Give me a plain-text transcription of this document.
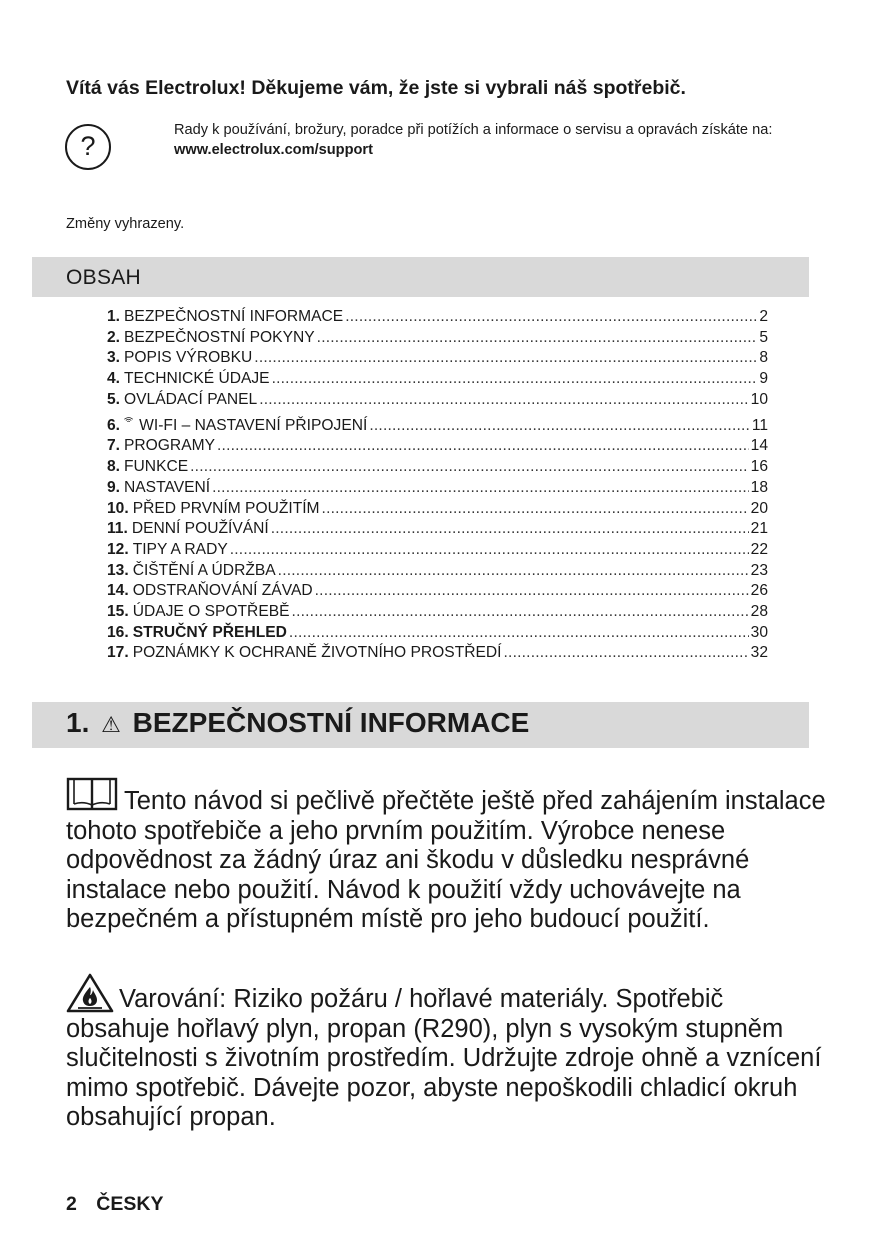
Vítá vás Electrolux! Děkujeme vám, že jste si vybrali náš spotřebič.
?
Rady k používání, brožury, poradce při potížích a informace o servisu a opravách získáte na:
www.electrolux.com/support
Změny vyhrazeny.
OBSAH
1. BEZPEČNOSTNÍ INFORMACE .....	2
2. BEZPEČNOSTNÍ POKYNY .....	5
3. POPIS VÝROBKU .....	8
4. TECHNICKÉ ÚDAJE .....	9
5. OVLÁDACÍ PANEL .....	10
6. WI-FI – NASTAVENÍ PŘIPOJENÍ .....	11
7. PROGRAMY .....	14
8. FUNKCE .....	16
9. NASTAVENÍ .....	18
10. PŘED PRVNÍM POUŽITÍM .....	20
11. DENNÍ POUŽÍVÁNÍ .....	21
12. TIPY A RADY .....	22
13. ČIŠTĚNÍ A ÚDRŽBA .....	23
14. ODSTRAŇOVÁNÍ ZÁVAD .....	26
15. ÚDAJE O SPOTŘEBĚ .....	28
16. STRUČNÝ PŘEHLED .....	30
17. POZNÁMKY K OCHRANĚ ŽIVOTNÍHO PROSTŘEDÍ .....	32
1. ⚠ BEZPEČNOSTNÍ INFORMACE
Tento návod si pečlivě přečtěte ještě před zahájením instalace tohoto spotřebiče a jeho prvním použitím. Výrobce nenese odpovědnost za žádný úraz ani škodu v důsledku nesprávné instalace nebo použití. Návod k použití vždy uchovávejte na bezpečném a přístupném místě pro jeho budoucí použití.
Varování: Riziko požáru / hořlavé materiály. Spotřebič obsahuje hořlavý plyn, propan (R290), plyn s vysokým stupněm slučitelnosti s životním prostředím. Udržujte zdroje ohně a vznícení mimo spotřebič. Dávejte pozor, abyste nepoškodili chladicí okruh obsahující propan.
2 ČESKY
